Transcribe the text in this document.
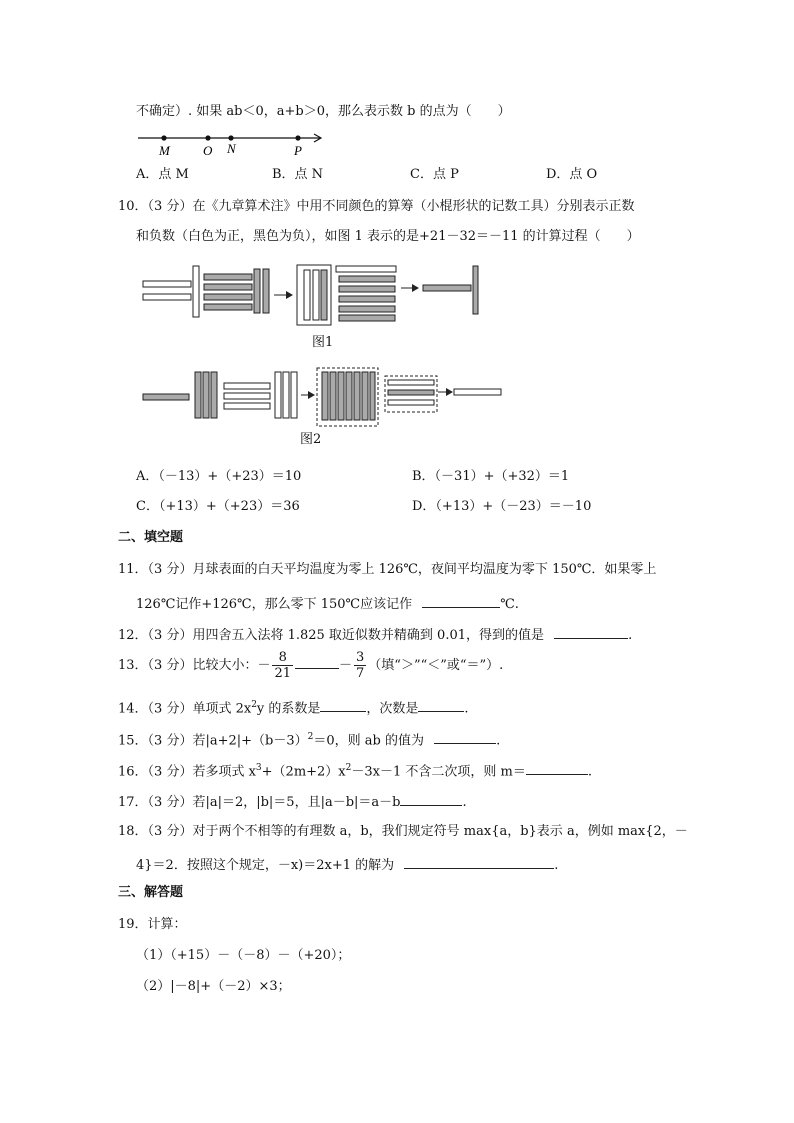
不确定）. 如果 ab＜0，a+b＞0，那么表示数 b 的点为（　　）
M	O N	P
A．点 M	B．点 N	C．点 P	D．点 O
10．（3 分）在《九章算术注》中用不同颜色的算筹（小棍形状的记数工具）分别表示正数
和负数（白色为正，黑色为负），如图 1 表示的是+21－32＝－11 的计算过程（　　）
图1
图2
A．（－13）+（+23）＝10	B．（－31）+（+32）＝1
C．（+13）+（+23）＝36	D．（+13）+（－23）＝－10
二、填空题
11．（3 分）月球表面的白天平均温度为零上 126℃，夜间平均温度为零下 150℃．如果零上
126℃记作+126℃，那么零下 150℃应该记作	℃.
12．（3 分）用四舍五入法将 1.825 取近似数并精确到 0.01，得到的值是	.
13．（3 分）比较大小：－ $\frac{8}{21}$	－ $\frac{3}{7}$ （填“＞”“＜”或“＝”）.
14．（3 分）单项式 $2x^2y$ 的系数是	，次数是	.
15．（3 分）若$|a+2|+(b-3)^2=0$，则 ab 的值为	.
16．（3 分）若多项式 $x^3+(2m+2)x^2-3x-1$ 不含二次项，则 m＝	.
17．（3 分）若|a|＝2，|b|＝5，且|a－b|＝a－b	.
18．（3 分）对于两个不相等的有理数 a，b，我们规定符号 max{a，b}表示 a，例如 max{2，－
4}＝2．按照这个规定，－x)＝2x+1 的解为	.
三、解答题
19．计算：
（1）（+15）－（－8）－（+20）；
（2）|－8|+（－2）×3；
